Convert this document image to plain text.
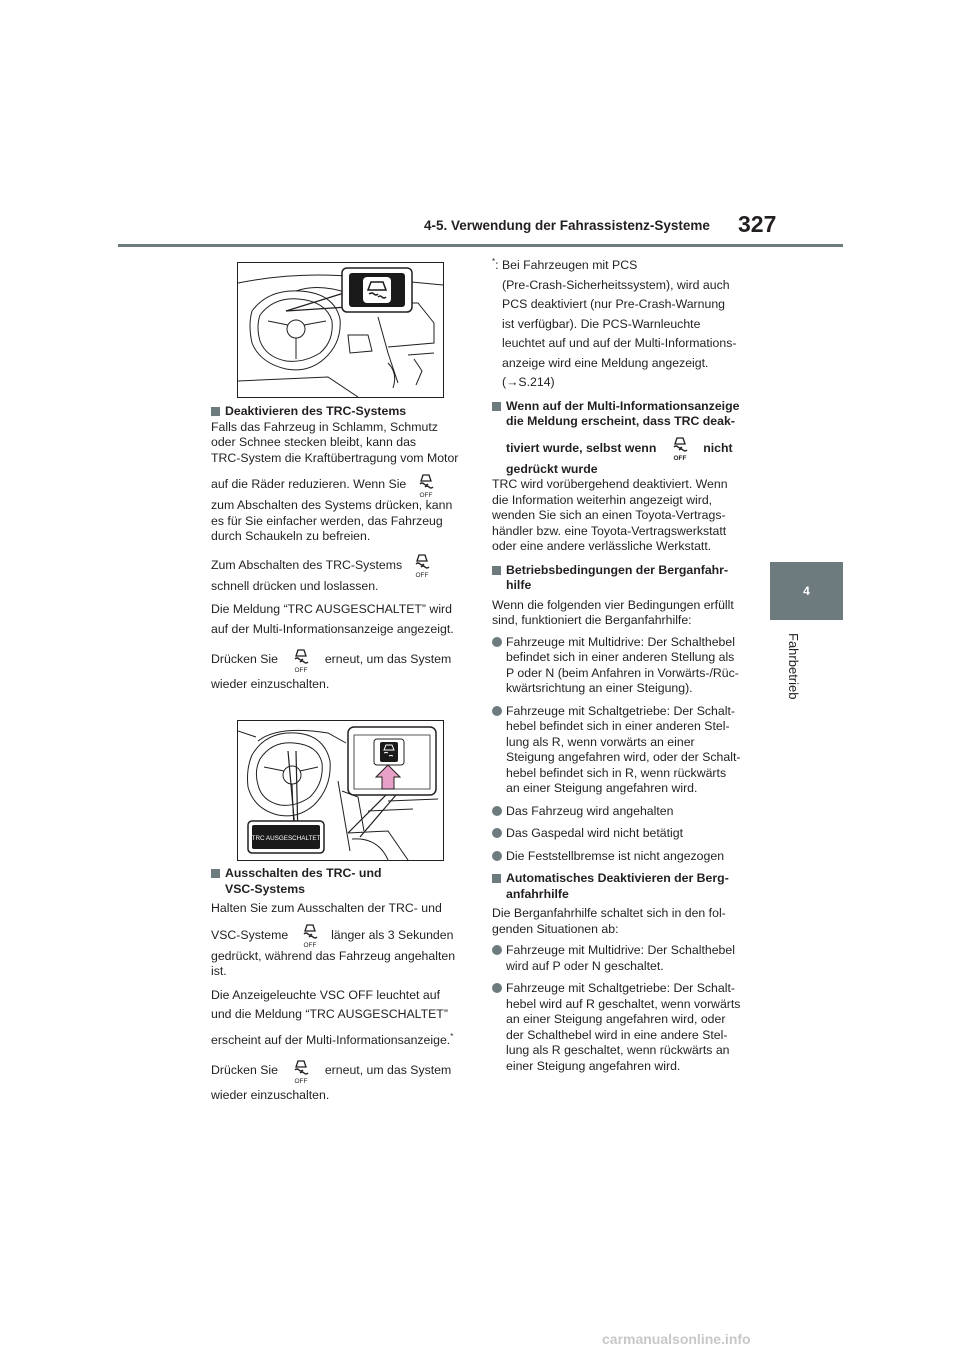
4-5. Verwendung der Fahrassistenz-Systeme 327
4
Fahrbetrieb

Deaktivieren des TRC-Systems

Falls das Fahrzeug in Schlamm, Schmutz

oder Schnee stecken bleibt, kann das

TRC-System die Kraftübertragung vom Motor

auf die Räder reduzieren. Wenn Sie
OFF

zum Abschalten des Systems drücken, kann

es für Sie einfacher werden, das Fahrzeug

durch Schaukeln zu befreien.

Zum Abschalten des TRC-Systems
OFF

schnell drücken und loslassen.

Die Meldung “TRC AUSGESCHALTET” wird

auf der Multi-Informationsanzeige angezeigt.

Drücken Sie
OFF
erneut, um das System

wieder einzuschalten.

TRC AUSGESCHALTET

Ausschalten des TRC- und
VSC-Systems

Halten Sie zum Ausschalten der TRC- und

VSC-Systeme
OFF
länger als 3 Sekunden

gedrückt, während das Fahrzeug angehalten

ist.

Die Anzeigeleuchte VSC OFF leuchtet auf

und die Meldung “TRC AUSGESCHALTET”

erscheint auf der Multi-Informationsanzeige.*

Drücken Sie
OFF
erneut, um das System

wieder einzuschalten.

*: Bei Fahrzeugen mit PCS

(Pre-Crash-Sicherheitssystem), wird auch

PCS deaktiviert (nur Pre-Crash-Warnung

ist verfügbar). Die PCS-Warnleuchte

leuchtet auf und auf der Multi-Informations-

anzeige wird eine Meldung angezeigt.

(→S.214)

Wenn auf der Multi-Informationsanzeige
die Meldung erscheint, dass TRC deak-

tiviert wurde, selbst wenn
OFF
nicht

gedrückt wurde

TRC wird vorübergehend deaktiviert. Wenn

die Information weiterhin angezeigt wird,

wenden Sie sich an einen Toyota-Vertrags-

händler bzw. eine Toyota-Vertragswerkstatt

oder eine andere verlässliche Werkstatt.

Betriebsbedingungen der Berganfahr-
hilfe

Wenn die folgenden vier Bedingungen erfüllt

sind, funktioniert die Berganfahrhilfe:

Fahrzeuge mit Multidrive: Der Schalthebel

befindet sich in einer anderen Stellung als

P oder N (beim Anfahren in Vorwärts-/Rüc-

kwärtsrichtung an einer Steigung).

Fahrzeuge mit Schaltgetriebe: Der Schalt-

hebel befindet sich in einer anderen Stel-

lung als R, wenn vorwärts an einer

Steigung angefahren wird, oder der Schalt-

hebel befindet sich in R, wenn rückwärts

an einer Steigung angefahren wird.

Das Fahrzeug wird angehalten

Das Gaspedal wird nicht betätigt

Die Feststellbremse ist nicht angezogen

Automatisches Deaktivieren der Berg-
anfahrhilfe

Die Berganfahrhilfe schaltet sich in den fol-

genden Situationen ab:

Fahrzeuge mit Multidrive: Der Schalthebel

wird auf P oder N geschaltet.

Fahrzeuge mit Schaltgetriebe: Der Schalt-

hebel wird auf R geschaltet, wenn vorwärts

an einer Steigung angefahren wird, oder

der Schalthebel wird in eine andere Stel-

lung als R geschaltet, wenn rückwärts an

einer Steigung angefahren wird.

carmanualsonline.info
